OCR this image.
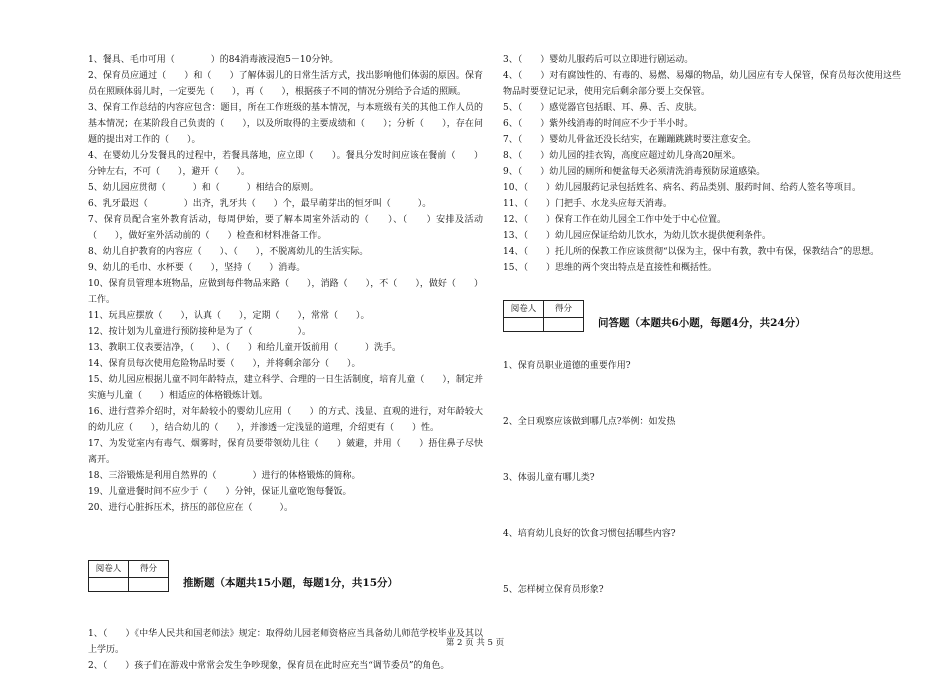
1、餐具、毛巾可用（　　　　）的84消毒液浸泡5－10分钟。

2、保育员应通过（　　）和（　　）了解体弱儿的日常生活方式，找出影响他们体弱的原因。保育员在照顾体弱儿时，一定要先（　　），再（　　），根据孩子不同的情况分别给予合适的照顾。

3、保育工作总结的内容应包含：题目，所在工作班级的基本情况，与本班级有关的其他工作人员的基本情况；在某阶段自己负责的（　　），以及所取得的主要成绩和（　　）；分析（　　），存在问题的提出对工作的（　　）。

4、在婴幼儿分发餐具的过程中，若餐具落地，应立即（　　）。餐具分发时间应该在餐前（　　）分钟左右，不可（　　），避开（　　）。

5、幼儿园应贯彻（　　　）和（　　　）相结合的原则。

6、乳牙最迟（　　　　）出齐，乳牙共（　　）个，最早萌芽出的恒牙叫（　　　）。

7、保育员配合室外教育活动，每周伊始，要了解本周室外活动的（　　）、（　　）安排及活动（　　），做好室外活动前的（　　）检查和材料准备工作。

8、幼儿自护教育的内容应（　　）、（　　），不脱离幼儿的生活实际。

9、幼儿的毛巾、水杯要（　　），坚持（　　）消毒。

10、保育员管理本班物品，应做到每件物品来路（　　），消路（　　），不（　　），做好（　　）工作。

11、玩具应摆放（　　），认真（　　），定期（　　），常常（　　）。

12、按计划为儿童进行预防接种是为了（　　　　　）。

13、教职工仪表要洁净，（　　）、（　　）和给儿童开饭前用（　　　）洗手。

14、保育员每次使用危险物品时要（　　），并将剩余部分（　　）。

15、幼儿园应根据儿童不同年龄特点，建立科学、合理的一日生活制度，培育儿童（　　），制定并实施与儿童（　　）相适应的体格锻炼计划。

16、进行营养介绍时，对年龄较小的婴幼儿应用（　　）的方式、浅显、直观的进行，对年龄较大的幼儿应（　　），结合幼儿的（　　），并渗透一定浅显的道理，介绍更有（　　）性。

17、为发觉室内有毒气、烟雾时，保育员要带领幼儿往（　　）皴避，并用（　　）捂住鼻子尽快离开。

18、三浴锻炼是利用自然界的（　　　　）进行的体格锻炼的简称。

19、儿童进餐时间不应少于（　　）分钟，保证儿童吃饱每餐饭。

20、进行心脏拆压术，挤压的部位应在（　　　）。

阅卷人	得分

推断题（本题共15小题，每题1分，共15分）

1、（　　）《中华人民共和国老师法》规定：取得幼儿园老师资格应当具备幼儿师范学校毕业及其以上学历。

2、（　　）孩子们在游戏中常常会发生争吵现象，保育员在此时应充当“调节委员”的角色。

3、（　　）婴幼儿服药后可以立即进行剧运动。

4、（　　）对有腐蚀性的、有毒的、易燃、易爆的物品，幼儿园应有专人保管，保育员每次使用这些物品时要登记记录，使用完后剩余部分要上交保管。

5、（　　）感觉器官包括眼、耳、鼻、舌、皮肤。

6、（　　）紫外线消毒的时间应不少于半小时。

7、（　　）婴幼儿骨盆还没长结实，在蹦蹦跳跳时要注意安全。

8、（　　）幼儿园的挂衣钩，高度应超过幼儿身高20厘米。

9、（　　）幼儿园的厕所和便盆每天必须清洗消毒预防尿道感染。

10、（　　）幼儿园服药记录包括姓名、病名、药品类别、服药时间、给药人签名等项目。

11、（　　）门把手、水龙头应每天消毒。

12、（　　）保育工作在幼儿园全工作中处于中心位置。

13、（　　）幼儿园应保证给幼儿饮水，为幼儿饮水提供便利条件。

14、（　　）托儿所的保教工作应该贯彻“以保为主，保中有教，教中有保，保教结合”的思想。

15、（　　）思维的两个突出特点是直接性和概括性。

阅卷人	得分

问答题（本题共6小题，每题4分，共24分）

1、保育员职业道德的重要作用?

2、全日观察应该做到哪几点?举例：如发热

3、体弱儿童有哪儿类?

4、培育幼儿良好的饮食习惯包括哪些内容?

5、怎样树立保育员形象?

第 2 页 共 5 页
